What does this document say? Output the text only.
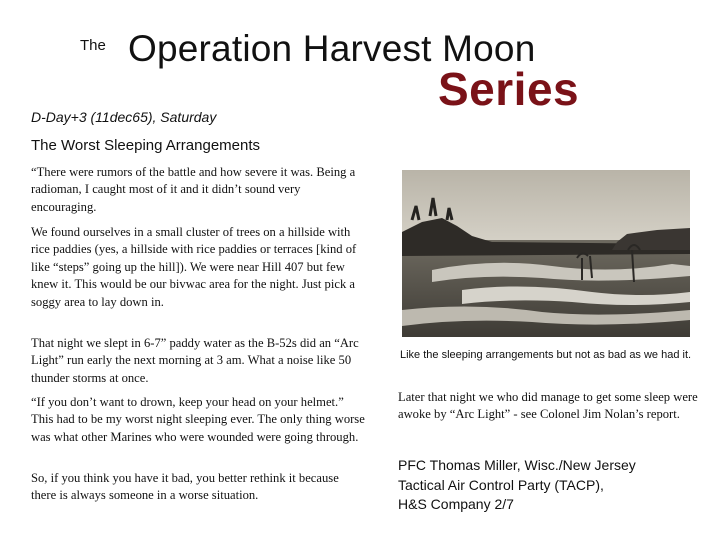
The Operation Harvest Moon
Series
D-Day+3 (11dec65), Saturday
The Worst Sleeping Arrangements

“There were rumors of the battle and how severe it was. Being a radioman, I caught most of it and it didn’t sound very encouraging.

We found ourselves in a small cluster of trees on a hillside with rice paddies (yes, a hillside with rice paddies or terraces [kind of like “steps” going up the hill]). We were near Hill 407 but few knew it. This would be our bivwac area for the night. Just pick a soggy area to lay down in.

That night we slept in 6-7” paddy water as the B-52s did an “Arc Light” run early the next morning at 3 am. What a noise like 50 thunder storms at once.

“If you don’t want to drown, keep your head on your helmet.” This had to be my worst night sleeping ever. The only thing worse was what other Marines who were wounded were going through.

So, if you think you have it bad, you better rethink it because there is always someone in a worse situation.

Like the sleeping arrangements but not as bad as we had it.

Later that night we who did manage to get some sleep were awoke by “Arc Light” - see Colonel Jim Nolan’s report.

PFC Thomas Miller, Wisc./New Jersey
Tactical Air Control Party (TACP),
H&S Company 2/7
